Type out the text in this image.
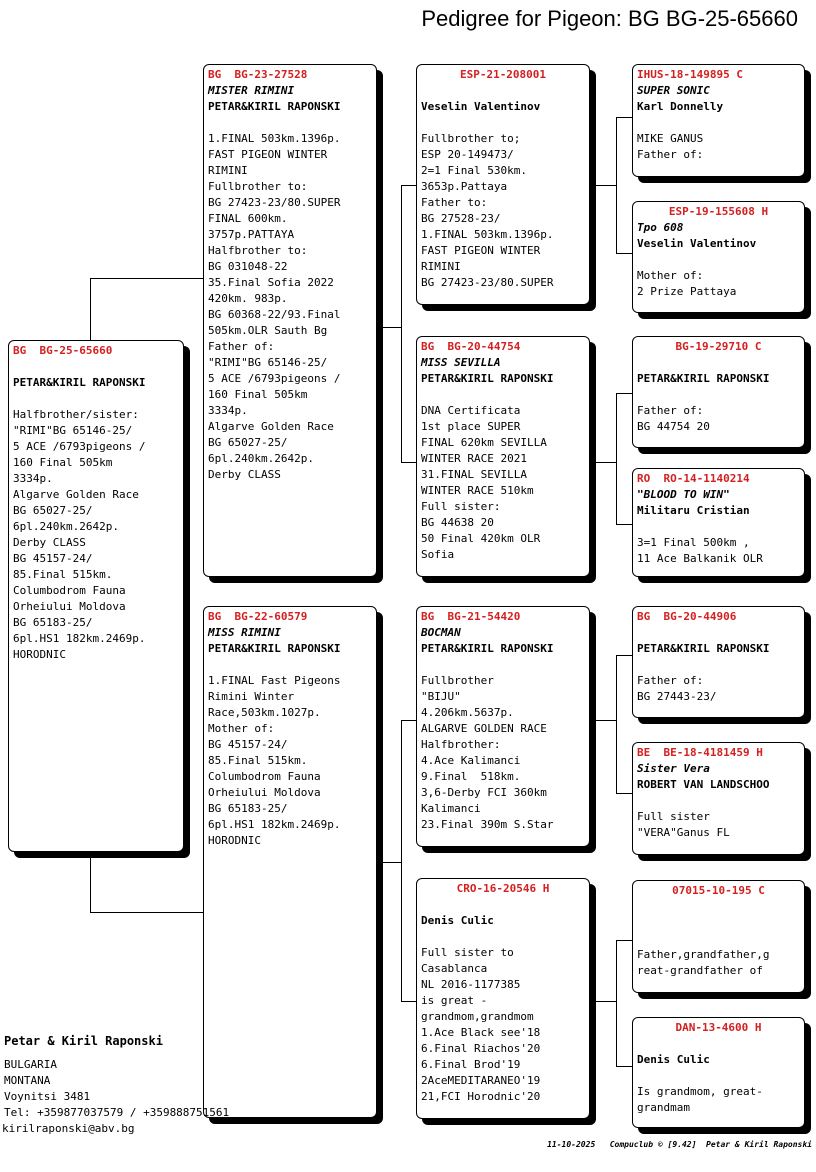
Pedigree for Pigeon: BG BG-25-65660
BG  BG-25-65660
PETAR&KIRIL RAPONSKI
Halfbrother/sister:
"RIMI"BG 65146-25/
5 ACE /6793pigeons /
160 Final 505km
3334p.
Algarve Golden Race
BG 65027-25/
6pl.240km.2642p.
Derby CLASS
BG 45157-24/
85.Final 515km.
Columbodrom Fauna
Orheiului Moldova
BG 65183-25/
6pl.HS1 182km.2469p.
HORODNIC
BG  BG-23-27528
MISTER RIMINI
PETAR&KIRIL RAPONSKI
1.FINAL 503km.1396p.
FAST PIGEON WINTER
RIMINI
Fullbrother to:
BG 27423-23/80.SUPER
FINAL 600km.
3757p.PATTAYA
Halfbrother to:
BG 031048-22
35.Final Sofia 2022
420km. 983p.
BG 60368-22/93.Final
505km.OLR Sauth Bg
Father of:
"RIMI"BG 65146-25/
5 ACE /6793pigeons /
160 Final 505km
3334p.
Algarve Golden Race
BG 65027-25/
6pl.240km.2642p.
Derby CLASS
BG  BG-22-60579
MISS RIMINI
PETAR&KIRIL RAPONSKI
1.FINAL Fast Pigeons
Rimini Winter
Race,503km.1027p.
Mother of:
BG 45157-24/
85.Final 515km.
Columbodrom Fauna
Orheiului Moldova
BG 65183-25/
6pl.HS1 182km.2469p.
HORODNIC
ESP-21-208001
Veselin Valentinov
Fullbrother to;
ESP 20-149473/
2=1 Final 530km.
3653p.Pattaya
Father to:
BG 27528-23/
1.FINAL 503km.1396p.
FAST PIGEON WINTER
RIMINI
BG 27423-23/80.SUPER
BG  BG-20-44754
MISS SEVILLA
PETAR&KIRIL RAPONSKI
DNA Certificata
1st place SUPER
FINAL 620km SEVILLA
WINTER RACE 2021
31.FINAL SEVILLA
WINTER RACE 510km
Full sister:
BG 44638 20
50 Final 420km OLR
Sofia
BG  BG-21-54420
BOCMAN
PETAR&KIRIL RAPONSKI
Fullbrother
"BIJU"
4.206km.5637p.
ALGARVE GOLDEN RACE
Halfbrother:
4.Ace Kalimanci
9.Final  518km.
3,6-Derby FCI 360km
Kalimanci
23.Final 390m S.Star
CRO-16-20546 H
Denis Culic
Full sister to
Casablanca
NL 2016-1177385
is great -
grandmom,grandmom
1.Ace Black see'18
6.Final Riachos'20
6.Final Brod'19
2AceMEDITARANEO'19
21,FCI Horodnic'20
IHUS-18-149895 C
SUPER SONIC
Karl Donnelly
MIKE GANUS
Father of:
ESP-19-155608 H
Tpo 608
Veselin Valentinov
Mother of:
2 Prize Pattaya
BG-19-29710 C
PETAR&KIRIL RAPONSKI
Father of:
BG 44754 20
RO  RO-14-1140214
"BLOOD TO WIN"
Militaru Cristian
3=1 Final 500km ,
11 Ace Balkanik OLR
BG  BG-20-44906
PETAR&KIRIL RAPONSKI
Father of:
BG 27443-23/
BE  BE-18-4181459 H
Sister Vera
ROBERT VAN LANDSCHOO
Full sister
"VERA"Ganus FL
07015-10-195 C
Father,grandfather,g
reat-grandfather of
DAN-13-4600 H
Denis Culic
Is grandmom, great-
grandmam
Petar & Kiril Raponski
BULGARIA
MONTANA
Voynitsi 3481
Tel: +359877037579 / +359888751561
kirilraponski@abv.bg
11-10-2025   Compuclub © [9.42]  Petar & Kiril Raponski
